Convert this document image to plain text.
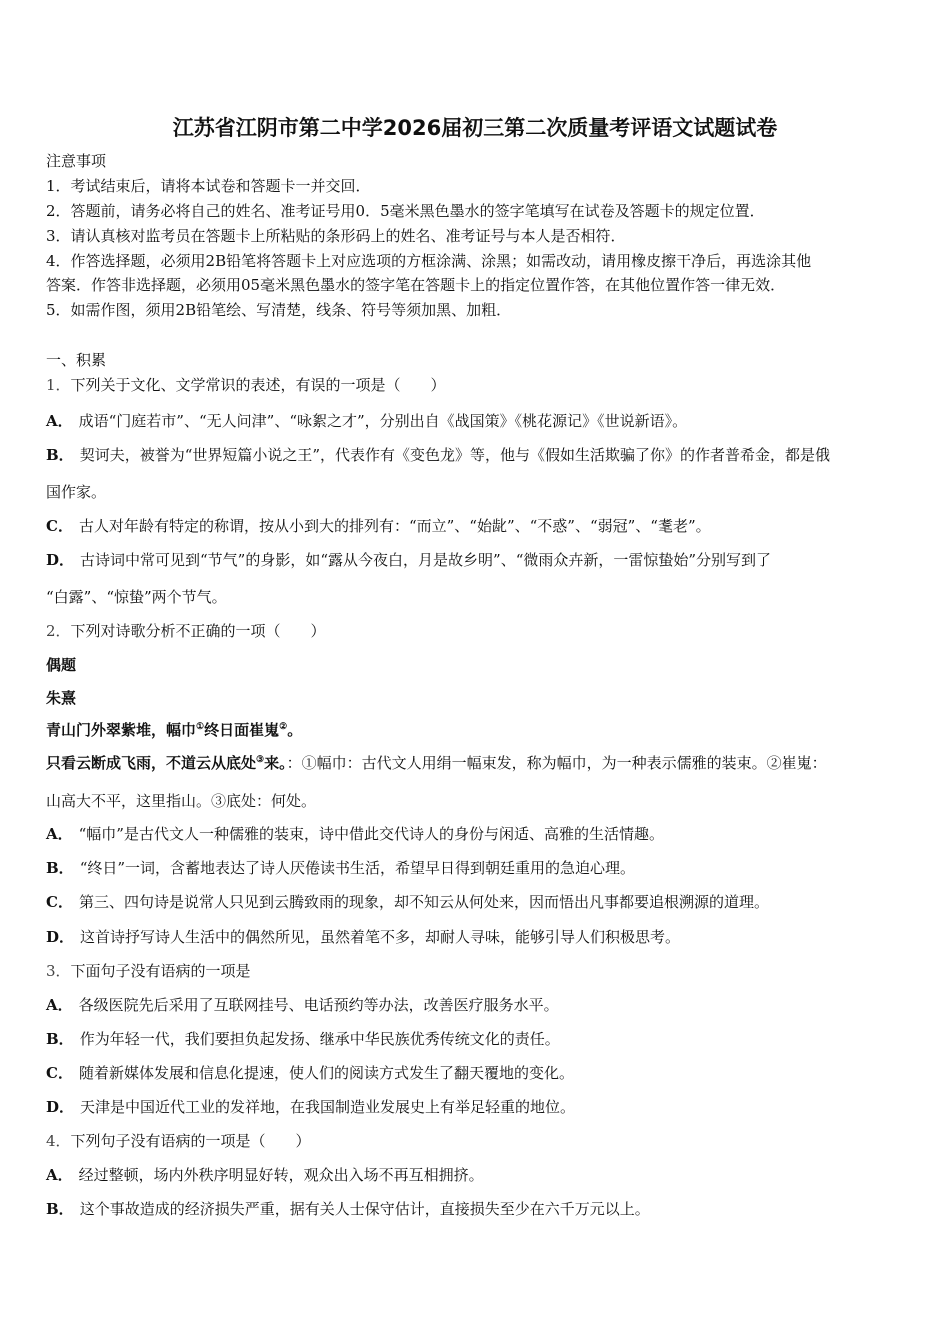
江苏省江阴市第二中学2026届初三第二次质量考评语文试题试卷
注意事项
1．考试结束后，请将本试卷和答题卡一并交回．
2．答题前，请务必将自己的姓名、准考证号用0．5毫米黑色墨水的签字笔填写在试卷及答题卡的规定位置．
3．请认真核对监考员在答题卡上所粘贴的条形码上的姓名、准考证号与本人是否相符．
4．作答选择题，必须用2B铅笔将答题卡上对应选项的方框涂满、涂黑；如需改动，请用橡皮擦干净后，再选涂其他
答案．作答非选择题，必须用05毫米黑色墨水的签字笔在答题卡上的指定位置作答，在其他位置作答一律无效．
5．如需作图，须用2B铅笔绘、写清楚，线条、符号等须加黑、加粗．
一、积累
1．下列关于文化、文学常识的表述，有误的一项是（　　）
A． 成语“门庭若市”、“无人问津”、“咏絮之才”，分别出自《战国策》《桃花源记》《世说新语》。
B． 契诃夫，被誉为“世界短篇小说之王”，代表作有《变色龙》等，他与《假如生活欺骗了你》的作者普希金，都是俄
国作家。
C． 古人对年龄有特定的称谓，按从小到大的排列有：“而立”、“始龀”、“不惑”、“弱冠”、“耄老”。
D． 古诗词中常可见到“节气”的身影，如“露从今夜白，月是故乡明”、“微雨众卉新，一雷惊蛰始”分别写到了
“白露”、“惊蛰”两个节气。
2．下列对诗歌分析不正确的一项（　　）
偶题
朱熹
青山门外翠紫堆，幅巾①终日面崔嵬②。
只看云断成飞雨，不道云从底处③来。：①幅巾：古代文人用绢一幅束发，称为幅巾，为一种表示儒雅的装束。②崔嵬：
山高大不平，这里指山。③底处：何处。
A． “幅巾”是古代文人一种儒雅的装束，诗中借此交代诗人的身份与闲适、高雅的生活情趣。
B． “终日”一词，含蓄地表达了诗人厌倦读书生活，希望早日得到朝廷重用的急迫心理。
C． 第三、四句诗是说常人只见到云腾致雨的现象，却不知云从何处来，因而悟出凡事都要追根溯源的道理。
D． 这首诗抒写诗人生活中的偶然所见，虽然着笔不多，却耐人寻味，能够引导人们积极思考。
3．下面句子没有语病的一项是
A． 各级医院先后采用了互联网挂号、电话预约等办法，改善医疗服务水平。
B． 作为年轻一代，我们要担负起发扬、继承中华民族优秀传统文化的责任。
C． 随着新媒体发展和信息化提速，使人们的阅读方式发生了翻天覆地的变化。
D． 天津是中国近代工业的发祥地，在我国制造业发展史上有举足轻重的地位。
4．下列句子没有语病的一项是（　　）
A． 经过整顿，场内外秩序明显好转，观众出入场不再互相拥挤。
B． 这个事故造成的经济损失严重，据有关人士保守估计，直接损失至少在六千万元以上。
